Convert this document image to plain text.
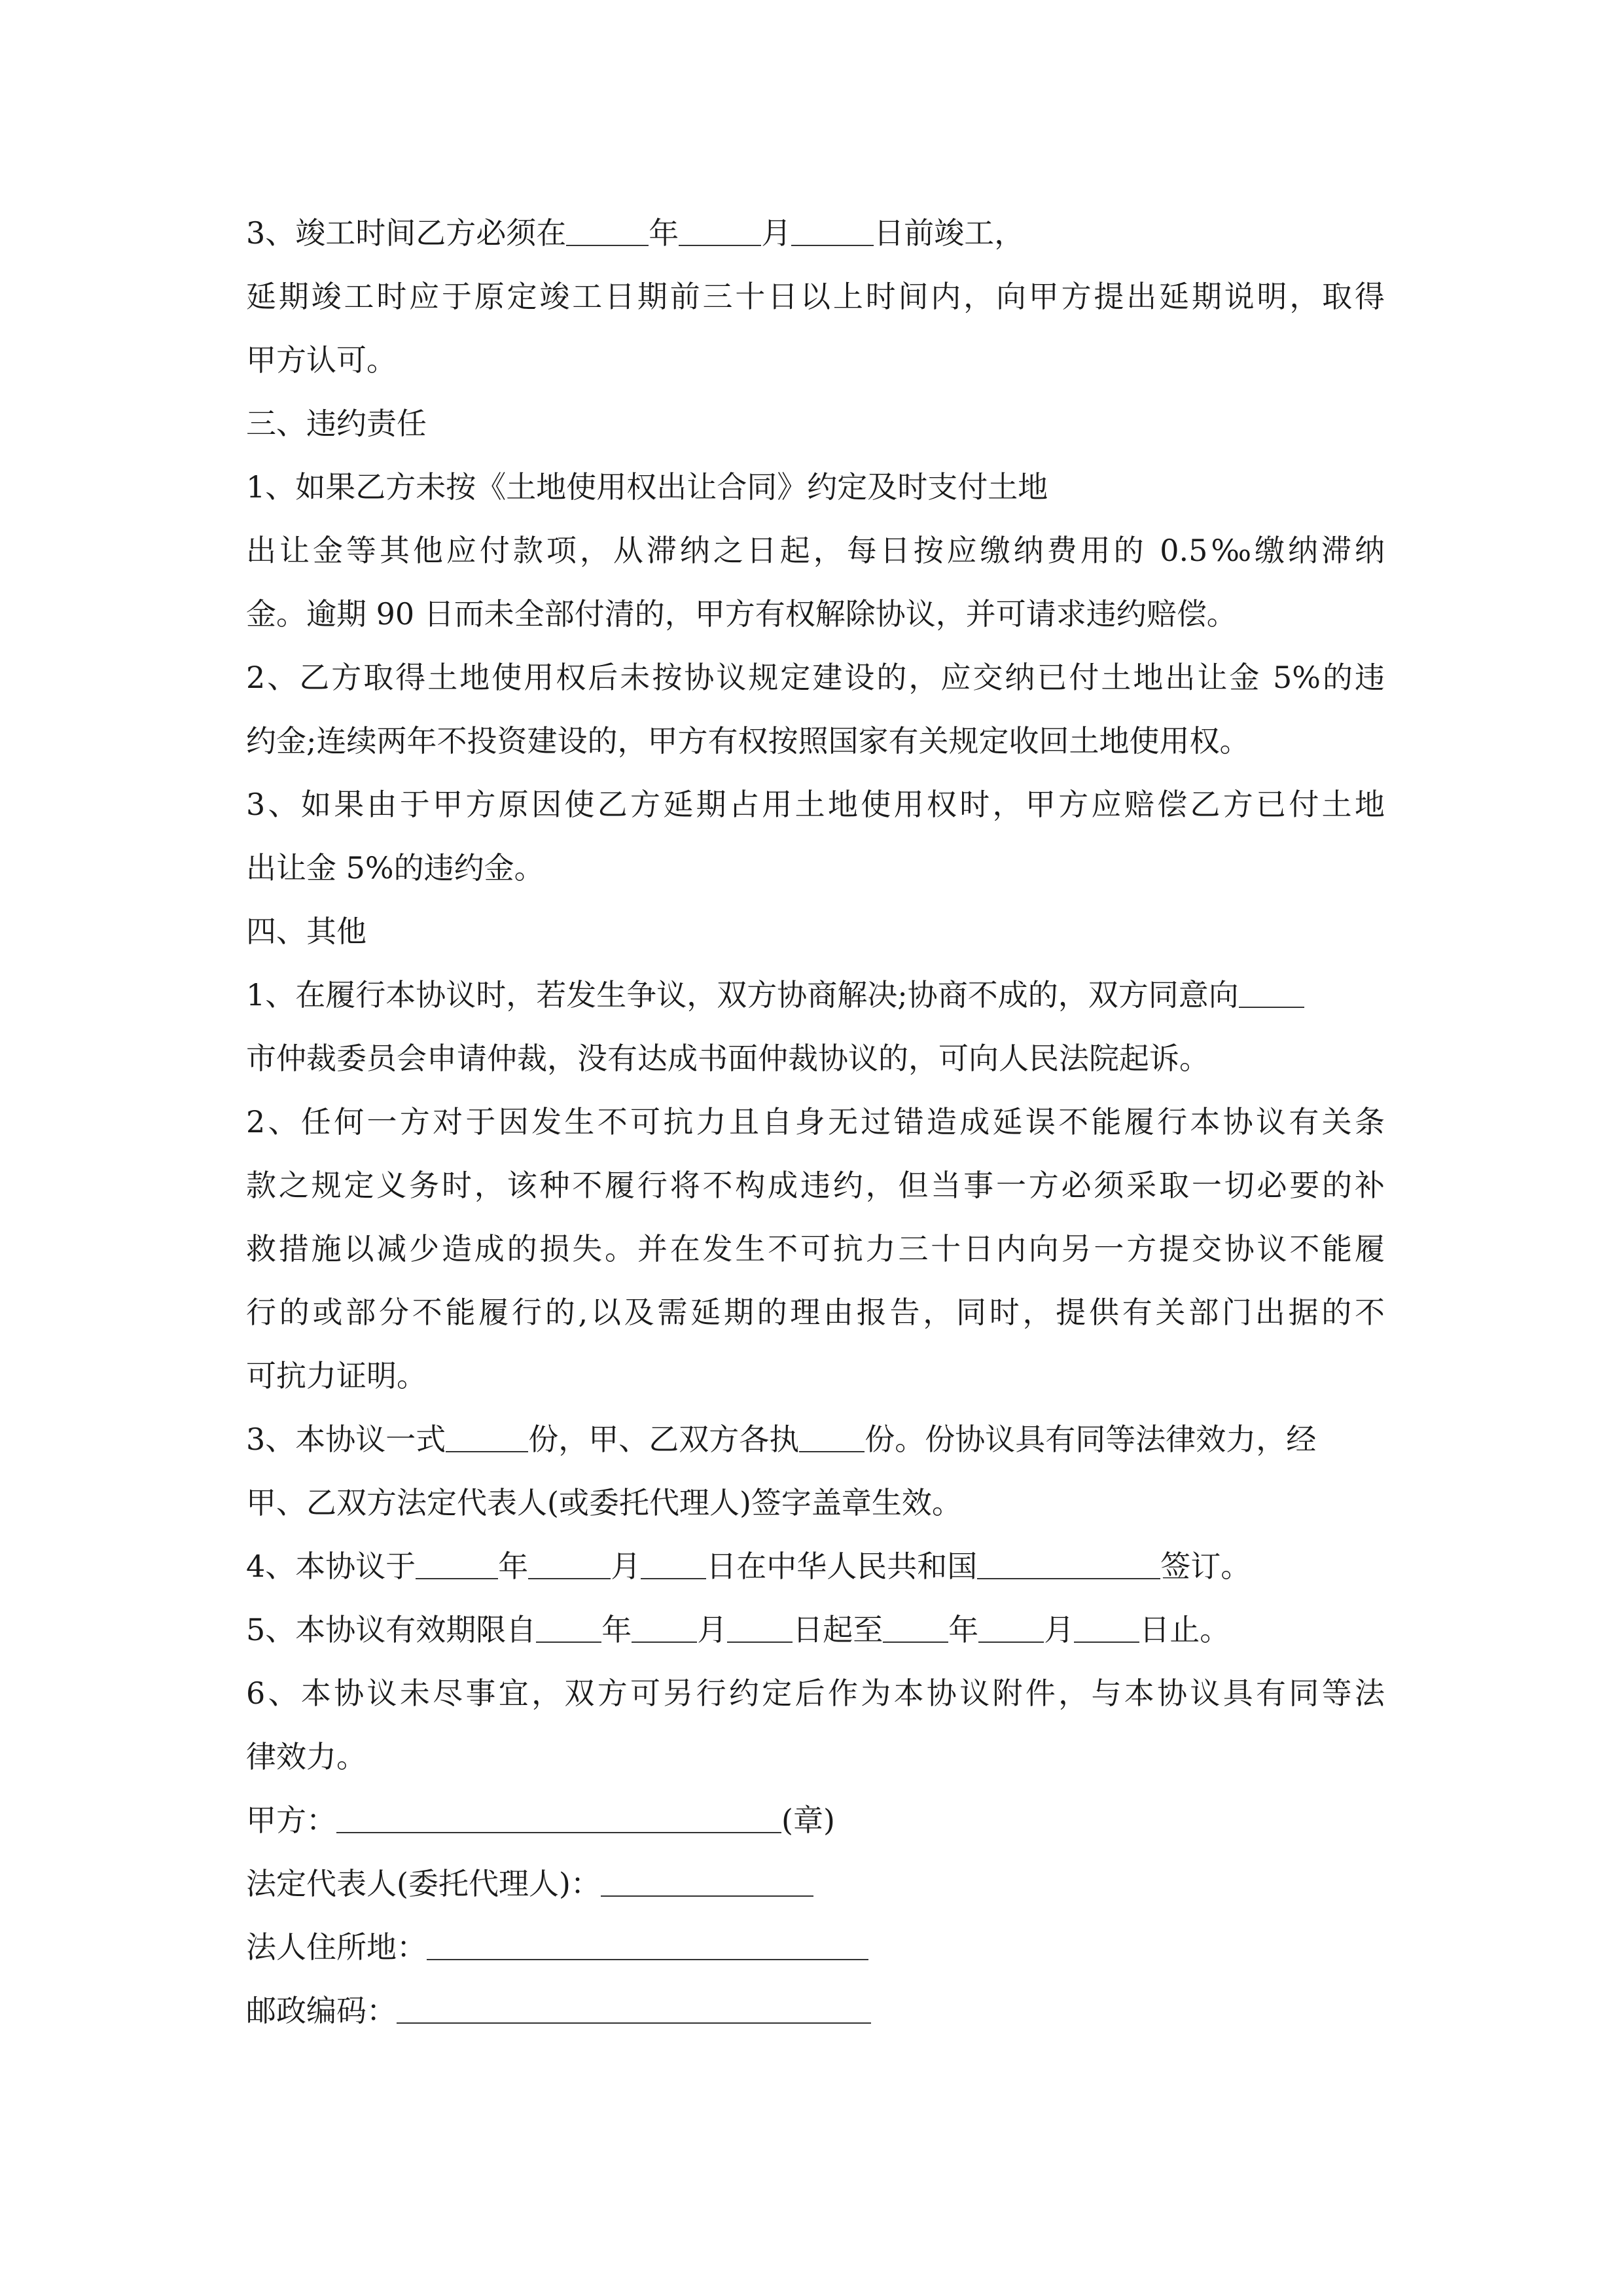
3、竣工时间乙方必须在	年	月	日前竣工，
延期竣工时应于原定竣工日期前三十日以上时间内，向甲方提出延期说明，取得
甲方认可。
三、违约责任
1、如果乙方未按《土地使用权出让合同》约定及时支付土地
出让金等其他应付款项，从滞纳之日起，每日按应缴纳费用的 0.5‰缴纳滞纳
金。逾期 90 日而未全部付清的，甲方有权解除协议，并可请求违约赔偿。
2、乙方取得土地使用权后未按协议规定建设的，应交纳已付土地出让金 5%的违
约金;连续两年不投资建设的，甲方有权按照国家有关规定收回土地使用权。
3、如果由于甲方原因使乙方延期占用土地使用权时，甲方应赔偿乙方已付土地
出让金 5%的违约金。
四、其他
1、在履行本协议时，若发生争议，双方协商解决;协商不成的，双方同意向
市仲裁委员会申请仲裁，没有达成书面仲裁协议的，可向人民法院起诉。
2、任何一方对于因发生不可抗力且自身无过错造成延误不能履行本协议有关条
款之规定义务时，该种不履行将不构成违约，但当事一方必须采取一切必要的补
救措施以减少造成的损失。并在发生不可抗力三十日内向另一方提交协议不能履
行的或部分不能履行的,以及需延期的理由报告，同时，提供有关部门出据的不
可抗力证明。
3、本协议一式	份，甲、乙双方各执 份。份协议具有同等法律效力，经
甲、乙双方法定代表人(或委托代理人)签字盖章生效。
4、本协议于	年	月 日在中华人民共和国	签订。
5、本协议有效期限自 年 月 日起至 年 月 日止。
6、本协议未尽事宜，双方可另行约定后作为本协议附件，与本协议具有同等法
律效力。
甲方：	(章)
法定代表人(委托代理人)：
法人住所地：
邮政编码：
